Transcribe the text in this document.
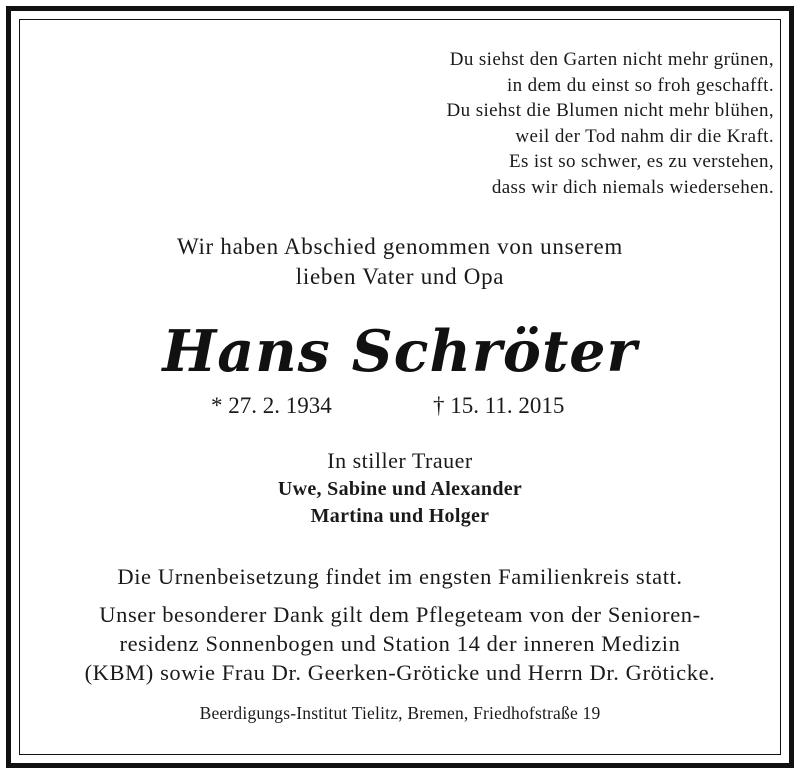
Du siehst den Garten nicht mehr grünen,
in dem du einst so froh geschafft.
Du siehst die Blumen nicht mehr blühen,
weil der Tod nahm dir die Kraft.
Es ist so schwer, es zu verstehen,
dass wir dich niemals wiedersehen.
Wir haben Abschied genommen von unserem
lieben Vater und Opa
Hans Schröter
* 27. 2. 1934	† 15. 11. 2015
In stiller Trauer
Uwe, Sabine und Alexander
Martina und Holger
Die Urnenbeisetzung findet im engsten Familienkreis statt.
Unser besonderer Dank gilt dem Pflegeteam von der Senioren-
residenz Sonnenbogen und Station 14 der inneren Medizin
(KBM) sowie Frau Dr. Geerken-Gröticke und Herrn Dr. Gröticke.
Beerdigungs-Institut Tielitz, Bremen, Friedhofstraße 19
